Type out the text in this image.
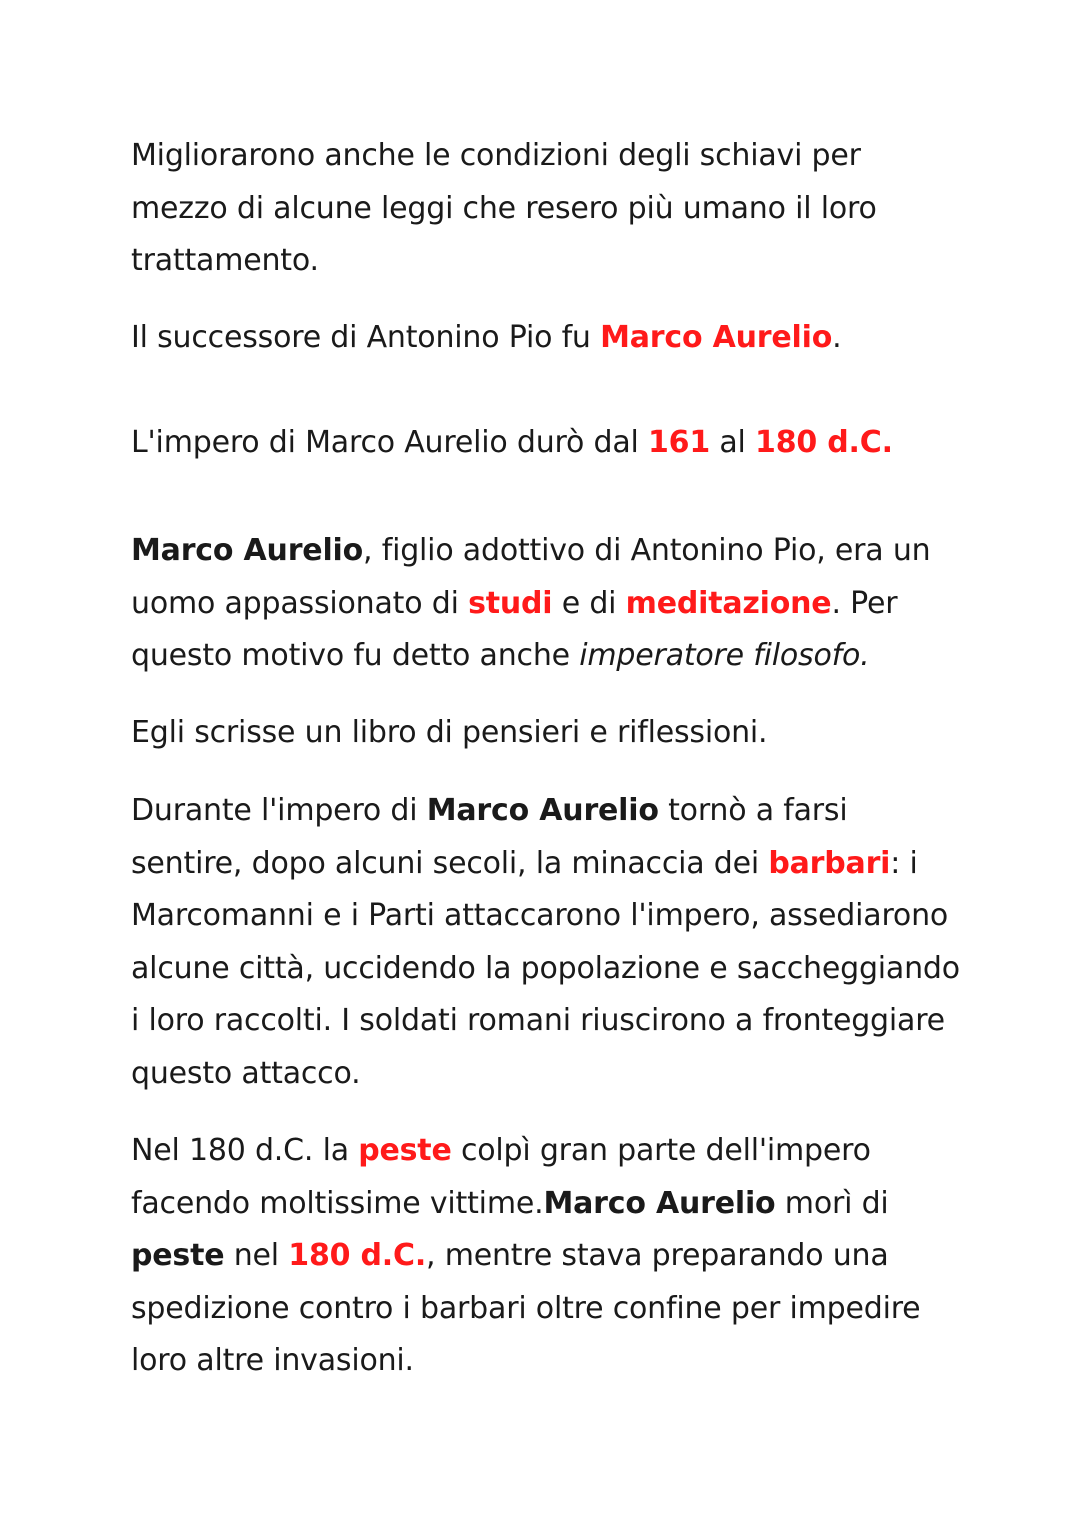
Migliorarono anche le condizioni degli schiavi per mezzo di alcune leggi che resero più umano il loro trattamento.

Il successore di Antonino Pio fu Marco Aurelio.

L'impero di Marco Aurelio durò dal 161 al 180 d.C.

Marco Aurelio, figlio adottivo di Antonino Pio, era un uomo appassionato di studi e di meditazione. Per questo motivo fu detto anche imperatore filosofo.

Egli scrisse un libro di pensieri e riflessioni.

Durante l'impero di Marco Aurelio tornò a farsi sentire, dopo alcuni secoli, la minaccia dei barbari: i Marcomanni e i Parti attaccarono l'impero, assediarono alcune città, uccidendo la popolazione e saccheggiando i loro raccolti. I soldati romani riuscirono a fronteggiare questo attacco.

Nel 180 d.C. la peste colpì gran parte dell'impero facendo moltissime vittime.Marco Aurelio morì di peste nel 180 d.C., mentre stava preparando una spedizione contro i barbari oltre confine per impedire loro altre invasioni.
